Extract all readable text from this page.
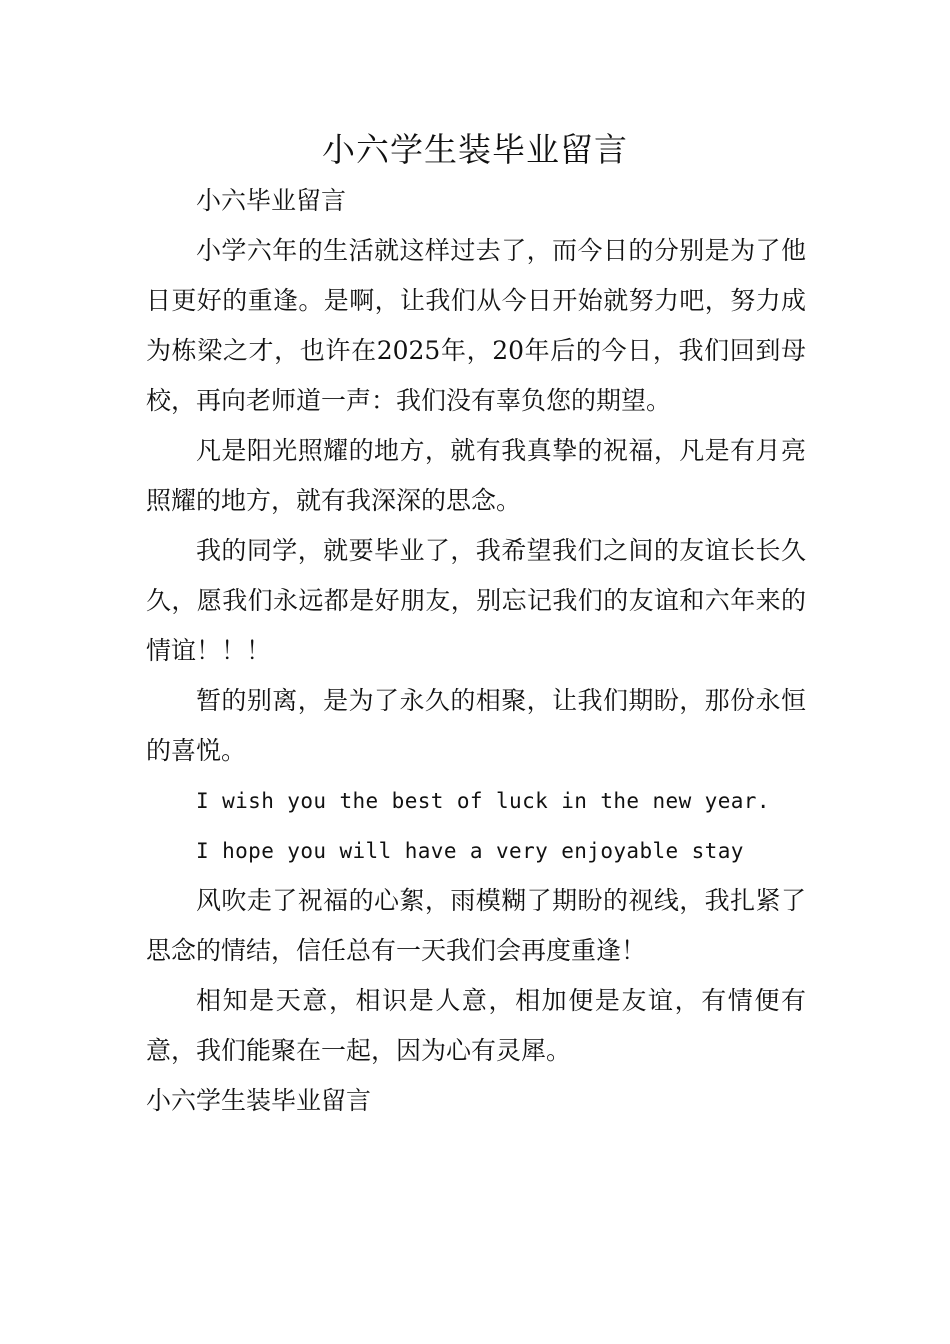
小六学生装毕业留言

小六毕业留言

小学六年的生活就这样过去了，而今日的分别是为了他日更好的重逢。是啊，让我们从今日开始就努力吧，努力成为栋梁之才，也许在2025年，20年后的今日，我们回到母校，再向老师道一声：我们没有辜负您的期望。

凡是阳光照耀的地方，就有我真挚的祝福，凡是有月亮照耀的地方，就有我深深的思念。

我的同学，就要毕业了，我希望我们之间的友谊长长久久，愿我们永远都是好朋友，别忘记我们的友谊和六年来的情谊！！！

暂的别离，是为了永久的相聚，让我们期盼，那份永恒的喜悦。

I wish you the best of luck in the new year.

I hope you will have a very enjoyable stay

风吹走了祝福的心絮，雨模糊了期盼的视线，我扎紧了思念的情结，信任总有一天我们会再度重逢！

相知是天意，相识是人意，相加便是友谊，有情便有意，我们能聚在一起，因为心有灵犀。

小六学生装毕业留言
